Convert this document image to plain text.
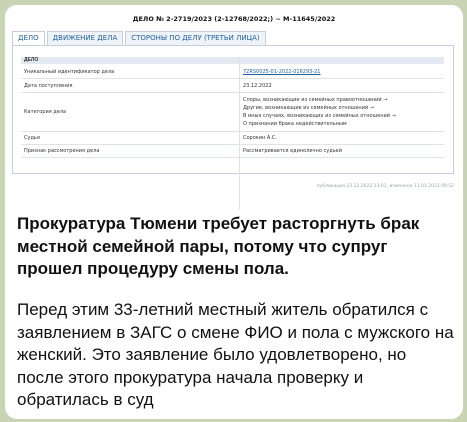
ДЕЛО № 2-2719/2023 (2-12768/2022;) ~ М-11645/2022
ДЕЛО	ДВИЖЕНИЕ ДЕЛА	СТОРОНЫ ПО ДЕЛУ (ТРЕТЬИ ЛИЦА)
ДЕЛО
Уникальный идентификатор дела	72RS0025-01-2022-016293-21
Дата поступления	23.12.2022
Категория дела
Споры, возникающие из семейных правоотношений →
Другие, возникающие из семейных отношений →
В иных случаях, возникающих из семейных отношений →
О признании брака недействительным
Судья	Сорокин А.С.
Признак рассмотрения дела	Рассматривается единолично судьей
публикация 23.12.2022 13:01, изменено 11.01.2023 09:52
Прокуратура Тюмени требует расторгнуть брак местной семейной пары, потому что супруг прошел процедуру смены пола.
Перед этим 33-летний местный житель обратился с заявлением в ЗАГС о смене ФИО и пола с мужского на женский. Это заявление было удовлетворено, но после этого прокуратура начала проверку и обратилась в суд
